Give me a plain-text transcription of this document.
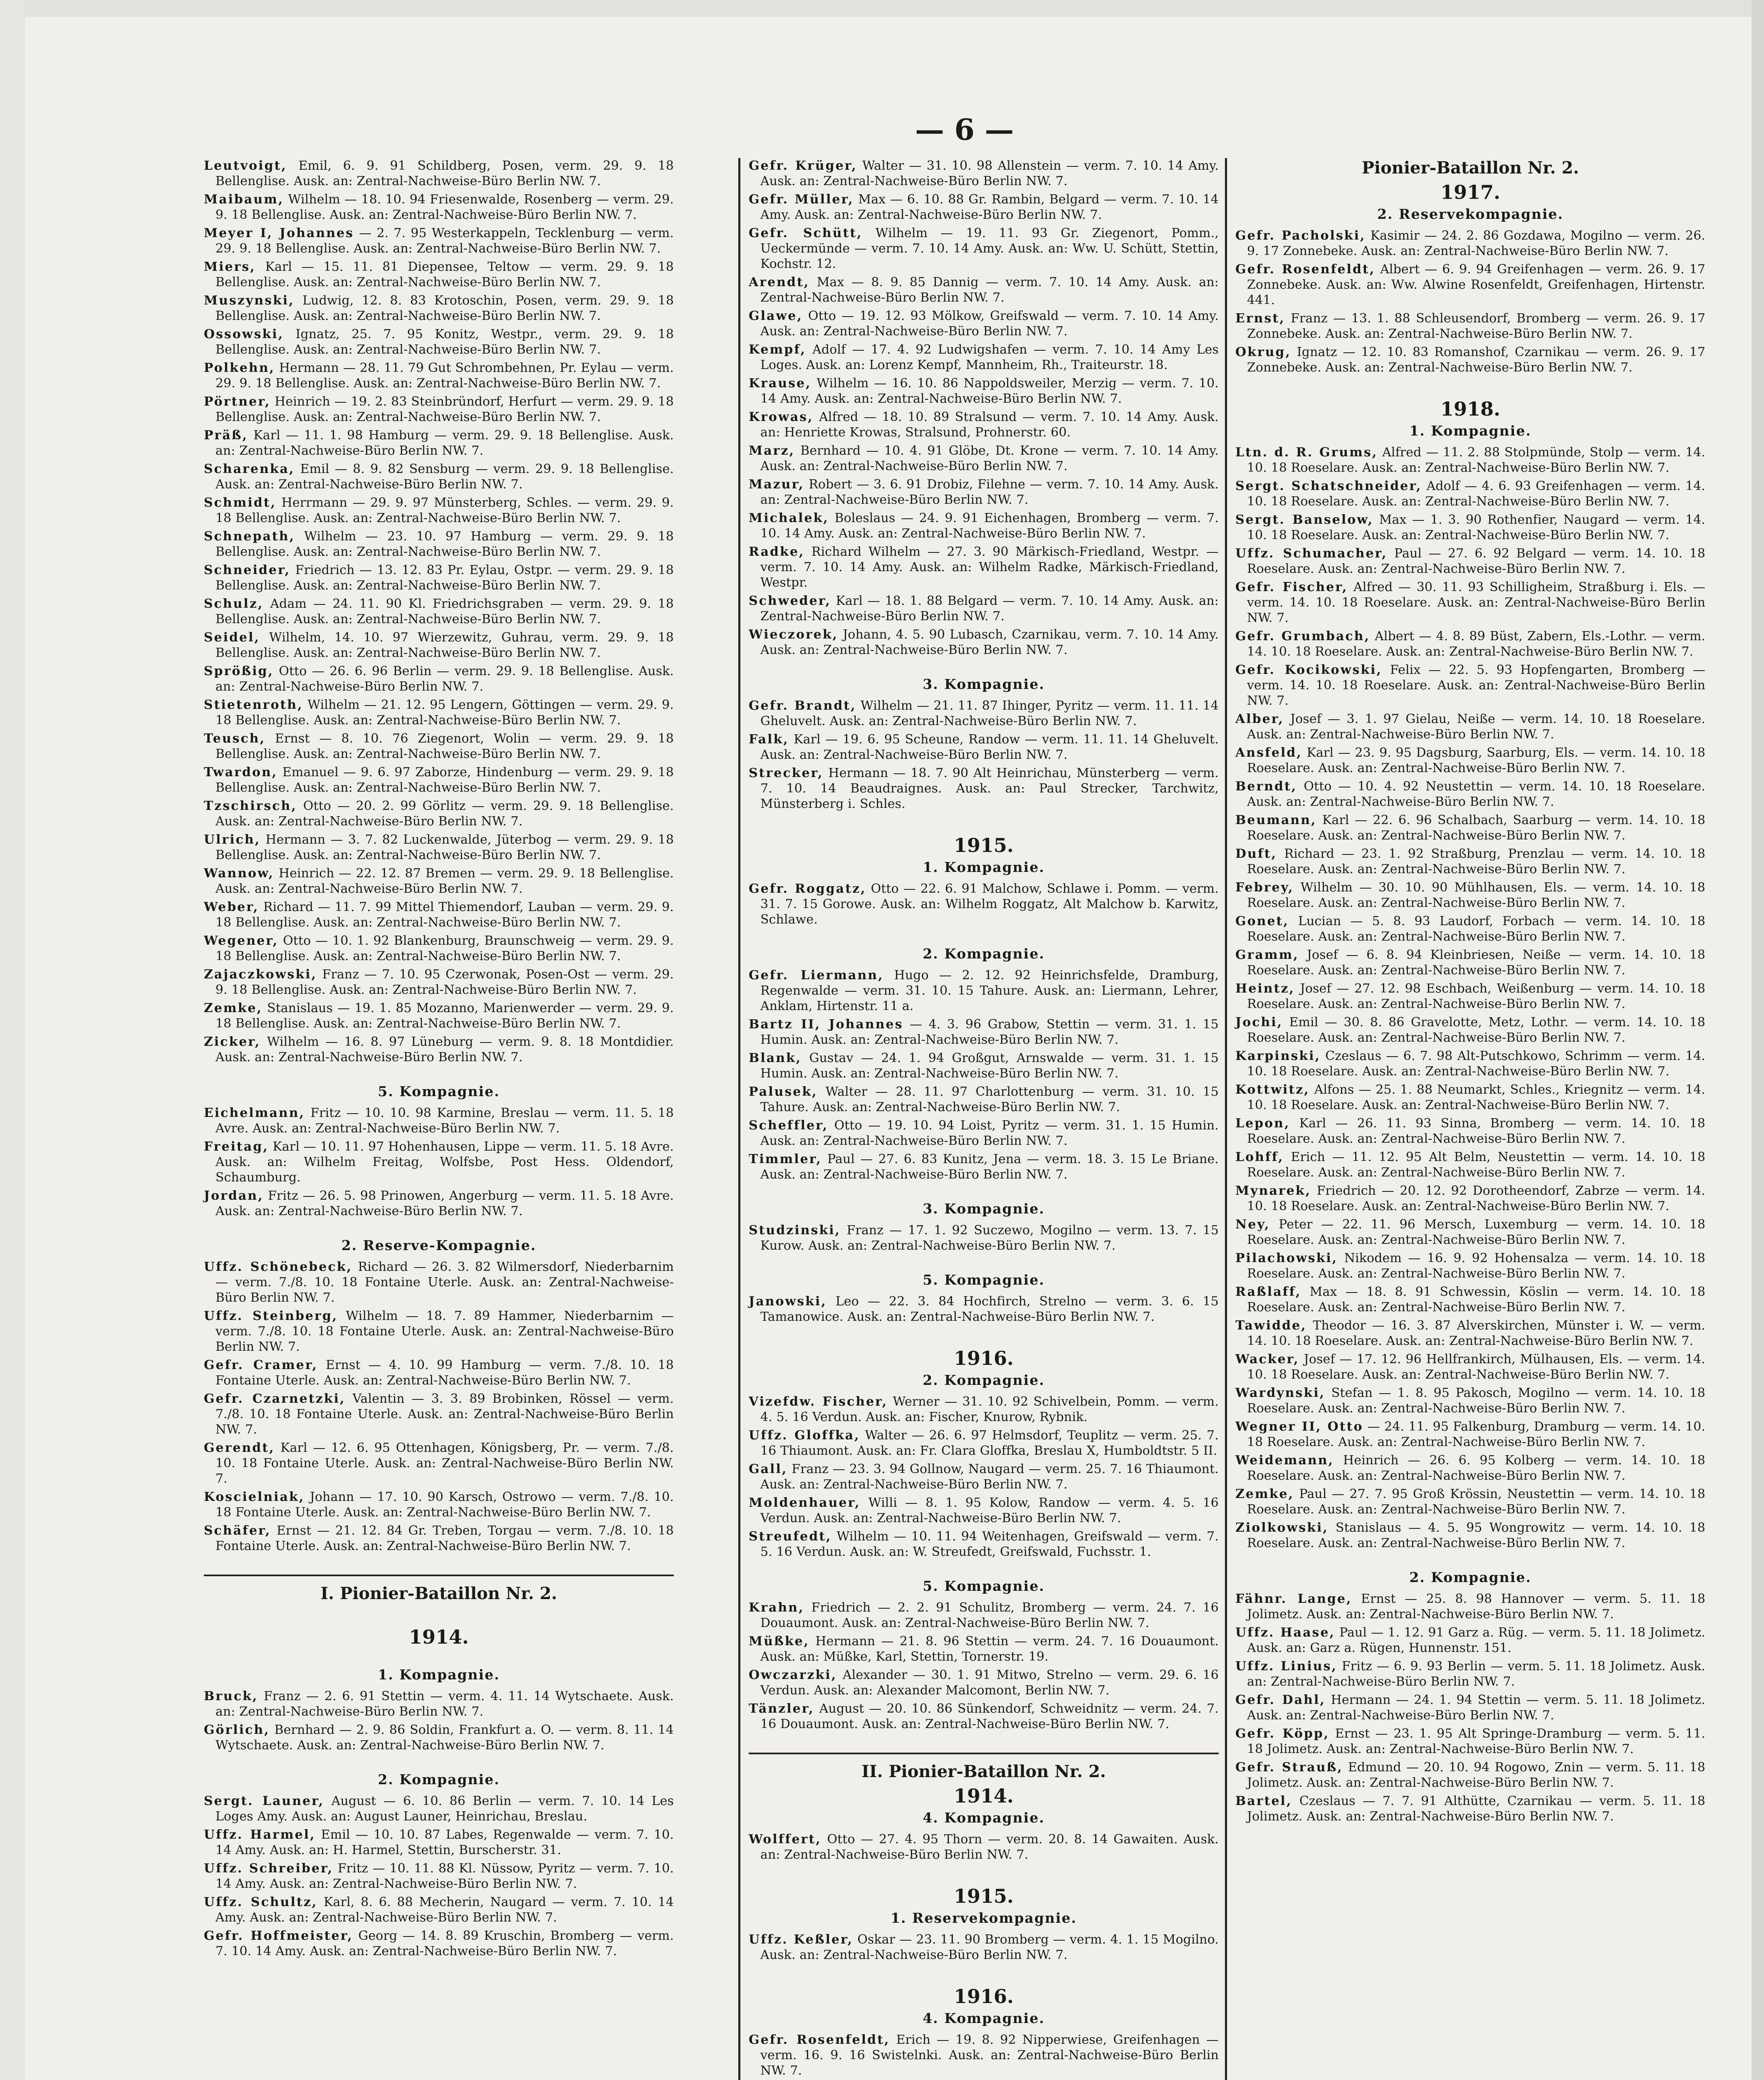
— 6 —

Leutvoigt, Emil, 6. 9. 91 Schildberg, Posen, verm. 29. 9. 18 Bellenglise. Ausk. an: Zentral-Nachweise-Büro Berlin NW. 7.

Maibaum, Wilhelm — 18. 10. 94 Friesenwalde, Rosenberg — verm. 29. 9. 18 Bellenglise. Ausk. an: Zentral-Nachweise-Büro Berlin NW. 7.

Meyer I, Johannes — 2. 7. 95 Westerkappeln, Tecklenburg — verm. 29. 9. 18 Bellenglise. Ausk. an: Zentral-Nachweise-Büro Berlin NW. 7.

Miers, Karl — 15. 11. 81 Diepensee, Teltow — verm. 29. 9. 18 Bellenglise. Ausk. an: Zentral-Nachweise-Büro Berlin NW. 7.

Muszynski, Ludwig, 12. 8. 83 Krotoschin, Posen, verm. 29. 9. 18 Bellenglise. Ausk. an: Zentral-Nachweise-Büro Berlin NW. 7.

Ossowski, Ignatz, 25. 7. 95 Konitz, Westpr., verm. 29. 9. 18 Bellenglise. Ausk. an: Zentral-Nachweise-Büro Berlin NW. 7.

Polkehn, Hermann — 28. 11. 79 Gut Schrombehnen, Pr. Eylau — verm. 29. 9. 18 Bellenglise. Ausk. an: Zentral-Nachweise-Büro Berlin NW. 7.

Pörtner, Heinrich — 19. 2. 83 Steinbründorf, Herfurt — verm. 29. 9. 18 Bellenglise. Ausk. an: Zentral-Nachweise-Büro Berlin NW. 7.

Präß, Karl — 11. 1. 98 Hamburg — verm. 29. 9. 18 Bellenglise. Ausk. an: Zentral-Nachweise-Büro Berlin NW. 7.

Scharenka, Emil — 8. 9. 82 Sensburg — verm. 29. 9. 18 Bellenglise. Ausk. an: Zentral-Nachweise-Büro Berlin NW. 7.

Schmidt, Herrmann — 29. 9. 97 Münsterberg, Schles. — verm. 29. 9. 18 Bellenglise. Ausk. an: Zentral-Nachweise-Büro Berlin NW. 7.

Schnepath, Wilhelm — 23. 10. 97 Hamburg — verm. 29. 9. 18 Bellenglise. Ausk. an: Zentral-Nachweise-Büro Berlin NW. 7.

Schneider, Friedrich — 13. 12. 83 Pr. Eylau, Ostpr. — verm. 29. 9. 18 Bellenglise. Ausk. an: Zentral-Nachweise-Büro Berlin NW. 7.

Schulz, Adam — 24. 11. 90 Kl. Friedrichsgraben — verm. 29. 9. 18 Bellenglise. Ausk. an: Zentral-Nachweise-Büro Berlin NW. 7.

Seidel, Wilhelm, 14. 10. 97 Wierzewitz, Guhrau, verm. 29. 9. 18 Bellenglise. Ausk. an: Zentral-Nachweise-Büro Berlin NW. 7.

Sprößig, Otto — 26. 6. 96 Berlin — verm. 29. 9. 18 Bellenglise. Ausk. an: Zentral-Nachweise-Büro Berlin NW. 7.

Stietenroth, Wilhelm — 21. 12. 95 Lengern, Göttingen — verm. 29. 9. 18 Bellenglise. Ausk. an: Zentral-Nachweise-Büro Berlin NW. 7.

Teusch, Ernst — 8. 10. 76 Ziegenort, Wolin — verm. 29. 9. 18 Bellenglise. Ausk. an: Zentral-Nachweise-Büro Berlin NW. 7.

Twardon, Emanuel — 9. 6. 97 Zaborze, Hindenburg — verm. 29. 9. 18 Bellenglise. Ausk. an: Zentral-Nachweise-Büro Berlin NW. 7.

Tzschirsch, Otto — 20. 2. 99 Görlitz — verm. 29. 9. 18 Bellenglise. Ausk. an: Zentral-Nachweise-Büro Berlin NW. 7.

Ulrich, Hermann — 3. 7. 82 Luckenwalde, Jüterbog — verm. 29. 9. 18 Bellenglise. Ausk. an: Zentral-Nachweise-Büro Berlin NW. 7.

Wannow, Heinrich — 22. 12. 87 Bremen — verm. 29. 9. 18 Bellenglise. Ausk. an: Zentral-Nachweise-Büro Berlin NW. 7.

Weber, Richard — 11. 7. 99 Mittel Thiemendorf, Lauban — verm. 29. 9. 18 Bellenglise. Ausk. an: Zentral-Nachweise-Büro Berlin NW. 7.

Wegener, Otto — 10. 1. 92 Blankenburg, Braunschweig — verm. 29. 9. 18 Bellenglise. Ausk. an: Zentral-Nachweise-Büro Berlin NW. 7.

Zajaczkowski, Franz — 7. 10. 95 Czerwonak, Posen-Ost — verm. 29. 9. 18 Bellenglise. Ausk. an: Zentral-Nachweise-Büro Berlin NW. 7.

Zemke, Stanislaus — 19. 1. 85 Mozanno, Marienwerder — verm. 29. 9. 18 Bellenglise. Ausk. an: Zentral-Nachweise-Büro Berlin NW. 7.

Zicker, Wilhelm — 16. 8. 97 Lüneburg — verm. 9. 8. 18 Montdidier. Ausk. an: Zentral-Nachweise-Büro Berlin NW. 7.

5. Kompagnie.

Eichelmann, Fritz — 10. 10. 98 Karmine, Breslau — verm. 11. 5. 18 Avre. Ausk. an: Zentral-Nachweise-Büro Berlin NW. 7.

Freitag, Karl — 10. 11. 97 Hohenhausen, Lippe — verm. 11. 5. 18 Avre. Ausk. an: Wilhelm Freitag, Wolfsbe, Post Hess. Oldendorf, Schaumburg.

Jordan, Fritz — 26. 5. 98 Prinowen, Angerburg — verm. 11. 5. 18 Avre. Ausk. an: Zentral-Nachweise-Büro Berlin NW. 7.

2. Reserve-Kompagnie.

Uffz. Schönebeck, Richard — 26. 3. 82 Wilmersdorf, Niederbarnim — verm. 7./8. 10. 18 Fontaine Uterle. Ausk. an: Zentral-Nachweise-Büro Berlin NW. 7.

Uffz. Steinberg, Wilhelm — 18. 7. 89 Hammer, Niederbarnim — verm. 7./8. 10. 18 Fontaine Uterle. Ausk. an: Zentral-Nachweise-Büro Berlin NW. 7.

Gefr. Cramer, Ernst — 4. 10. 99 Hamburg — verm. 7./8. 10. 18 Fontaine Uterle. Ausk. an: Zentral-Nachweise-Büro Berlin NW. 7.

Gefr. Czarnetzki, Valentin — 3. 3. 89 Brobinken, Rössel — verm. 7./8. 10. 18 Fontaine Uterle. Ausk. an: Zentral-Nachweise-Büro Berlin NW. 7.

Gerendt, Karl — 12. 6. 95 Ottenhagen, Königsberg, Pr. — verm. 7./8. 10. 18 Fontaine Uterle. Ausk. an: Zentral-Nachweise-Büro Berlin NW. 7.

Koscielniak, Johann — 17. 10. 90 Karsch, Ostrowo — verm. 7./8. 10. 18 Fontaine Uterle. Ausk. an: Zentral-Nachweise-Büro Berlin NW. 7.

Schäfer, Ernst — 21. 12. 84 Gr. Treben, Torgau — verm. 7./8. 10. 18 Fontaine Uterle. Ausk. an: Zentral-Nachweise-Büro Berlin NW. 7.

I. Pionier-Bataillon Nr. 2.
1914.
1. Kompagnie.

Bruck, Franz — 2. 6. 91 Stettin — verm. 4. 11. 14 Wytschaete. Ausk. an: Zentral-Nachweise-Büro Berlin NW. 7.

Görlich, Bernhard — 2. 9. 86 Soldin, Frankfurt a. O. — verm. 8. 11. 14 Wytschaete. Ausk. an: Zentral-Nachweise-Büro Berlin NW. 7.

2. Kompagnie.

Sergt. Launer, August — 6. 10. 86 Berlin — verm. 7. 10. 14 Les Loges Amy. Ausk. an: August Launer, Heinrichau, Breslau.

Uffz. Harmel, Emil — 10. 10. 87 Labes, Regenwalde — verm. 7. 10. 14 Amy. Ausk. an: H. Harmel, Stettin, Burscherstr. 31.

Uffz. Schreiber, Fritz — 10. 11. 88 Kl. Nüssow, Pyritz — verm. 7. 10. 14 Amy. Ausk. an: Zentral-Nachweise-Büro Berlin NW. 7.

Uffz. Schultz, Karl, 8. 6. 88 Mecherin, Naugard — verm. 7. 10. 14 Amy. Ausk. an: Zentral-Nachweise-Büro Berlin NW. 7.

Gefr. Hoffmeister, Georg — 14. 8. 89 Kruschin, Bromberg — verm. 7. 10. 14 Amy. Ausk. an: Zentral-Nachweise-Büro Berlin NW. 7.

Gefr. Krüger, Walter — 31. 10. 98 Allenstein — verm. 7. 10. 14 Amy. Ausk. an: Zentral-Nachweise-Büro Berlin NW. 7.

Gefr. Müller, Max — 6. 10. 88 Gr. Rambin, Belgard — verm. 7. 10. 14 Amy. Ausk. an: Zentral-Nachweise-Büro Berlin NW. 7.

Gefr. Schütt, Wilhelm — 19. 11. 93 Gr. Ziegenort, Pomm., Ueckermünde — verm. 7. 10. 14 Amy. Ausk. an: Ww. U. Schütt, Stettin, Kochstr. 12.

Arendt, Max — 8. 9. 85 Dannig — verm. 7. 10. 14 Amy. Ausk. an: Zentral-Nachweise-Büro Berlin NW. 7.

Glawe, Otto — 19. 12. 93 Mölkow, Greifswald — verm. 7. 10. 14 Amy. Ausk. an: Zentral-Nachweise-Büro Berlin NW. 7.

Kempf, Adolf — 17. 4. 92 Ludwigshafen — verm. 7. 10. 14 Amy Les Loges. Ausk. an: Lorenz Kempf, Mannheim, Rh., Traiteurstr. 18.

Krause, Wilhelm — 16. 10. 86 Nappoldsweiler, Merzig — verm. 7. 10. 14 Amy. Ausk. an: Zentral-Nachweise-Büro Berlin NW. 7.

Krowas, Alfred — 18. 10. 89 Stralsund — verm. 7. 10. 14 Amy. Ausk. an: Henriette Krowas, Stralsund, Prohnerstr. 60.

Marz, Bernhard — 10. 4. 91 Glöbe, Dt. Krone — verm. 7. 10. 14 Amy. Ausk. an: Zentral-Nachweise-Büro Berlin NW. 7.

Mazur, Robert — 3. 6. 91 Drobiz, Filehne — verm. 7. 10. 14 Amy. Ausk. an: Zentral-Nachweise-Büro Berlin NW. 7.

Michalek, Boleslaus — 24. 9. 91 Eichenhagen, Bromberg — verm. 7. 10. 14 Amy. Ausk. an: Zentral-Nachweise-Büro Berlin NW. 7.

Radke, Richard Wilhelm — 27. 3. 90 Märkisch-Friedland, Westpr. — verm. 7. 10. 14 Amy. Ausk. an: Wilhelm Radke, Märkisch-Friedland, Westpr.

Schweder, Karl — 18. 1. 88 Belgard — verm. 7. 10. 14 Amy. Ausk. an: Zentral-Nachweise-Büro Berlin NW. 7.

Wieczorek, Johann, 4. 5. 90 Lubasch, Czarnikau, verm. 7. 10. 14 Amy. Ausk. an: Zentral-Nachweise-Büro Berlin NW. 7.

3. Kompagnie.

Gefr. Brandt, Wilhelm — 21. 11. 87 Ihinger, Pyritz — verm. 11. 11. 14 Gheluvelt. Ausk. an: Zentral-Nachweise-Büro Berlin NW. 7.

Falk, Karl — 19. 6. 95 Scheune, Randow — verm. 11. 11. 14 Gheluvelt. Ausk. an: Zentral-Nachweise-Büro Berlin NW. 7.

Strecker, Hermann — 18. 7. 90 Alt Heinrichau, Münsterberg — verm. 7. 10. 14 Beaudraignes. Ausk. an: Paul Strecker, Tarchwitz, Münsterberg i. Schles.

1915.
1. Kompagnie.

Gefr. Roggatz, Otto — 22. 6. 91 Malchow, Schlawe i. Pomm. — verm. 31. 7. 15 Gorowe. Ausk. an: Wilhelm Roggatz, Alt Malchow b. Karwitz, Schlawe.

2. Kompagnie.

Gefr. Liermann, Hugo — 2. 12. 92 Heinrichsfelde, Dramburg, Regenwalde — verm. 31. 10. 15 Tahure. Ausk. an: Liermann, Lehrer, Anklam, Hirtenstr. 11 a.

Bartz II, Johannes — 4. 3. 96 Grabow, Stettin — verm. 31. 1. 15 Humin. Ausk. an: Zentral-Nachweise-Büro Berlin NW. 7.

Blank, Gustav — 24. 1. 94 Großgut, Arnswalde — verm. 31. 1. 15 Humin. Ausk. an: Zentral-Nachweise-Büro Berlin NW. 7.

Palusek, Walter — 28. 11. 97 Charlottenburg — verm. 31. 10. 15 Tahure. Ausk. an: Zentral-Nachweise-Büro Berlin NW. 7.

Scheffler, Otto — 19. 10. 94 Loist, Pyritz — verm. 31. 1. 15 Humin. Ausk. an: Zentral-Nachweise-Büro Berlin NW. 7.

Timmler, Paul — 27. 6. 83 Kunitz, Jena — verm. 18. 3. 15 Le Briane. Ausk. an: Zentral-Nachweise-Büro Berlin NW. 7.

3. Kompagnie.

Studzinski, Franz — 17. 1. 92 Suczewo, Mogilno — verm. 13. 7. 15 Kurow. Ausk. an: Zentral-Nachweise-Büro Berlin NW. 7.

5. Kompagnie.

Janowski, Leo — 22. 3. 84 Hochfirch, Strelno — verm. 3. 6. 15 Tamanowice. Ausk. an: Zentral-Nachweise-Büro Berlin NW. 7.

1916.
2. Kompagnie.

Vizefdw. Fischer, Werner — 31. 10. 92 Schivelbein, Pomm. — verm. 4. 5. 16 Verdun. Ausk. an: Fischer, Knurow, Rybnik.

Uffz. Gloffka, Walter — 26. 6. 97 Helmsdorf, Teuplitz — verm. 25. 7. 16 Thiaumont. Ausk. an: Fr. Clara Gloffka, Breslau X, Humboldtstr. 5 II.

Gall, Franz — 23. 3. 94 Gollnow, Naugard — verm. 25. 7. 16 Thiaumont. Ausk. an: Zentral-Nachweise-Büro Berlin NW. 7.

Moldenhauer, Willi — 8. 1. 95 Kolow, Randow — verm. 4. 5. 16 Verdun. Ausk. an: Zentral-Nachweise-Büro Berlin NW. 7.

Streufedt, Wilhelm — 10. 11. 94 Weitenhagen, Greifswald — verm. 7. 5. 16 Verdun. Ausk. an: W. Streufedt, Greifswald, Fuchsstr. 1.

5. Kompagnie.

Krahn, Friedrich — 2. 2. 91 Schulitz, Bromberg — verm. 24. 7. 16 Douaumont. Ausk. an: Zentral-Nachweise-Büro Berlin NW. 7.

Müßke, Hermann — 21. 8. 96 Stettin — verm. 24. 7. 16 Douaumont. Ausk. an: Müßke, Karl, Stettin, Tornerstr. 19.

Owczarzki, Alexander — 30. 1. 91 Mitwo, Strelno — verm. 29. 6. 16 Verdun. Ausk. an: Alexander Malcomont, Berlin NW. 7.

Tänzler, August — 20. 10. 86 Sünkendorf, Schweidnitz — verm. 24. 7. 16 Douaumont. Ausk. an: Zentral-Nachweise-Büro Berlin NW. 7.

II. Pionier-Bataillon Nr. 2.
1914.
4. Kompagnie.

Wolffert, Otto — 27. 4. 95 Thorn — verm. 20. 8. 14 Gawaiten. Ausk. an: Zentral-Nachweise-Büro Berlin NW. 7.

1915.
1. Reservekompagnie.

Uffz. Keßler, Oskar — 23. 11. 90 Bromberg — verm. 4. 1. 15 Mogilno. Ausk. an: Zentral-Nachweise-Büro Berlin NW. 7.

1916.
4. Kompagnie.

Gefr. Rosenfeldt, Erich — 19. 8. 92 Nipperwiese, Greifenhagen — verm. 16. 9. 16 Swistelnki. Ausk. an: Zentral-Nachweise-Büro Berlin NW. 7.

Pionier-Bataillon Nr. 2.
1917.
2. Reservekompagnie.

Gefr. Pacholski, Kasimir — 24. 2. 86 Gozdawa, Mogilno — verm. 26. 9. 17 Zonnebeke. Ausk. an: Zentral-Nachweise-Büro Berlin NW. 7.

Gefr. Rosenfeldt, Albert — 6. 9. 94 Greifenhagen — verm. 26. 9. 17 Zonnebeke. Ausk. an: Ww. Alwine Rosenfeldt, Greifenhagen, Hirtenstr. 441.

Ernst, Franz — 13. 1. 88 Schleusendorf, Bromberg — verm. 26. 9. 17 Zonnebeke. Ausk. an: Zentral-Nachweise-Büro Berlin NW. 7.

Okrug, Ignatz — 12. 10. 83 Romanshof, Czarnikau — verm. 26. 9. 17 Zonnebeke. Ausk. an: Zentral-Nachweise-Büro Berlin NW. 7.

1918.
1. Kompagnie.

Ltn. d. R. Grums, Alfred — 11. 2. 88 Stolpmünde, Stolp — verm. 14. 10. 18 Roeselare. Ausk. an: Zentral-Nachweise-Büro Berlin NW. 7.

Sergt. Schatschneider, Adolf — 4. 6. 93 Greifenhagen — verm. 14. 10. 18 Roeselare. Ausk. an: Zentral-Nachweise-Büro Berlin NW. 7.

Sergt. Banselow, Max — 1. 3. 90 Rothenfier, Naugard — verm. 14. 10. 18 Roeselare. Ausk. an: Zentral-Nachweise-Büro Berlin NW. 7.

Uffz. Schumacher, Paul — 27. 6. 92 Belgard — verm. 14. 10. 18 Roeselare. Ausk. an: Zentral-Nachweise-Büro Berlin NW. 7.

Gefr. Fischer, Alfred — 30. 11. 93 Schilligheim, Straßburg i. Els. — verm. 14. 10. 18 Roeselare. Ausk. an: Zentral-Nachweise-Büro Berlin NW. 7.

Gefr. Grumbach, Albert — 4. 8. 89 Büst, Zabern, Els.-Lothr. — verm. 14. 10. 18 Roeselare. Ausk. an: Zentral-Nachweise-Büro Berlin NW. 7.

Gefr. Kocikowski, Felix — 22. 5. 93 Hopfengarten, Bromberg — verm. 14. 10. 18 Roeselare. Ausk. an: Zentral-Nachweise-Büro Berlin NW. 7.

Alber, Josef — 3. 1. 97 Gielau, Neiße — verm. 14. 10. 18 Roeselare. Ausk. an: Zentral-Nachweise-Büro Berlin NW. 7.

Ansfeld, Karl — 23. 9. 95 Dagsburg, Saarburg, Els. — verm. 14. 10. 18 Roeselare. Ausk. an: Zentral-Nachweise-Büro Berlin NW. 7.

Berndt, Otto — 10. 4. 92 Neustettin — verm. 14. 10. 18 Roeselare. Ausk. an: Zentral-Nachweise-Büro Berlin NW. 7.

Beumann, Karl — 22. 6. 96 Schalbach, Saarburg — verm. 14. 10. 18 Roeselare. Ausk. an: Zentral-Nachweise-Büro Berlin NW. 7.

Duft, Richard — 23. 1. 92 Straßburg, Prenzlau — verm. 14. 10. 18 Roeselare. Ausk. an: Zentral-Nachweise-Büro Berlin NW. 7.

Febrey, Wilhelm — 30. 10. 90 Mühlhausen, Els. — verm. 14. 10. 18 Roeselare. Ausk. an: Zentral-Nachweise-Büro Berlin NW. 7.

Gonet, Lucian — 5. 8. 93 Laudorf, Forbach — verm. 14. 10. 18 Roeselare. Ausk. an: Zentral-Nachweise-Büro Berlin NW. 7.

Gramm, Josef — 6. 8. 94 Kleinbriesen, Neiße — verm. 14. 10. 18 Roeselare. Ausk. an: Zentral-Nachweise-Büro Berlin NW. 7.

Heintz, Josef — 27. 12. 98 Eschbach, Weißenburg — verm. 14. 10. 18 Roeselare. Ausk. an: Zentral-Nachweise-Büro Berlin NW. 7.

Jochi, Emil — 30. 8. 86 Gravelotte, Metz, Lothr. — verm. 14. 10. 18 Roeselare. Ausk. an: Zentral-Nachweise-Büro Berlin NW. 7.

Karpinski, Czeslaus — 6. 7. 98 Alt-Putschkowo, Schrimm — verm. 14. 10. 18 Roeselare. Ausk. an: Zentral-Nachweise-Büro Berlin NW. 7.

Kottwitz, Alfons — 25. 1. 88 Neumarkt, Schles., Kriegnitz — verm. 14. 10. 18 Roeselare. Ausk. an: Zentral-Nachweise-Büro Berlin NW. 7.

Lepon, Karl — 26. 11. 93 Sinna, Bromberg — verm. 14. 10. 18 Roeselare. Ausk. an: Zentral-Nachweise-Büro Berlin NW. 7.

Lohff, Erich — 11. 12. 95 Alt Belm, Neustettin — verm. 14. 10. 18 Roeselare. Ausk. an: Zentral-Nachweise-Büro Berlin NW. 7.

Mynarek, Friedrich — 20. 12. 92 Dorotheendorf, Zabrze — verm. 14. 10. 18 Roeselare. Ausk. an: Zentral-Nachweise-Büro Berlin NW. 7.

Ney, Peter — 22. 11. 96 Mersch, Luxemburg — verm. 14. 10. 18 Roeselare. Ausk. an: Zentral-Nachweise-Büro Berlin NW. 7.

Pilachowski, Nikodem — 16. 9. 92 Hohensalza — verm. 14. 10. 18 Roeselare. Ausk. an: Zentral-Nachweise-Büro Berlin NW. 7.

Raßlaff, Max — 18. 8. 91 Schwessin, Köslin — verm. 14. 10. 18 Roeselare. Ausk. an: Zentral-Nachweise-Büro Berlin NW. 7.

Tawidde, Theodor — 16. 3. 87 Alverskirchen, Münster i. W. — verm. 14. 10. 18 Roeselare. Ausk. an: Zentral-Nachweise-Büro Berlin NW. 7.

Wacker, Josef — 17. 12. 96 Hellfrankirch, Mülhausen, Els. — verm. 14. 10. 18 Roeselare. Ausk. an: Zentral-Nachweise-Büro Berlin NW. 7.

Wardynski, Stefan — 1. 8. 95 Pakosch, Mogilno — verm. 14. 10. 18 Roeselare. Ausk. an: Zentral-Nachweise-Büro Berlin NW. 7.

Wegner II, Otto — 24. 11. 95 Falkenburg, Dramburg — verm. 14. 10. 18 Roeselare. Ausk. an: Zentral-Nachweise-Büro Berlin NW. 7.

Weidemann, Heinrich — 26. 6. 95 Kolberg — verm. 14. 10. 18 Roeselare. Ausk. an: Zentral-Nachweise-Büro Berlin NW. 7.

Zemke, Paul — 27. 7. 95 Groß Krössin, Neustettin — verm. 14. 10. 18 Roeselare. Ausk. an: Zentral-Nachweise-Büro Berlin NW. 7.

Ziolkowski, Stanislaus — 4. 5. 95 Wongrowitz — verm. 14. 10. 18 Roeselare. Ausk. an: Zentral-Nachweise-Büro Berlin NW. 7.

2. Kompagnie.

Fähnr. Lange, Ernst — 25. 8. 98 Hannover — verm. 5. 11. 18 Jolimetz. Ausk. an: Zentral-Nachweise-Büro Berlin NW. 7.

Uffz. Haase, Paul — 1. 12. 91 Garz a. Rüg. — verm. 5. 11. 18 Jolimetz. Ausk. an: Garz a. Rügen, Hunnenstr. 151.

Uffz. Linius, Fritz — 6. 9. 93 Berlin — verm. 5. 11. 18 Jolimetz. Ausk. an: Zentral-Nachweise-Büro Berlin NW. 7.

Gefr. Dahl, Hermann — 24. 1. 94 Stettin — verm. 5. 11. 18 Jolimetz. Ausk. an: Zentral-Nachweise-Büro Berlin NW. 7.

Gefr. Köpp, Ernst — 23. 1. 95 Alt Springe-Dramburg — verm. 5. 11. 18 Jolimetz. Ausk. an: Zentral-Nachweise-Büro Berlin NW. 7.

Gefr. Strauß, Edmund — 20. 10. 94 Rogowo, Znin — verm. 5. 11. 18 Jolimetz. Ausk. an: Zentral-Nachweise-Büro Berlin NW. 7.

Bartel, Czeslaus — 7. 7. 91 Althütte, Czarnikau — verm. 5. 11. 18 Jolimetz. Ausk. an: Zentral-Nachweise-Büro Berlin NW. 7.
